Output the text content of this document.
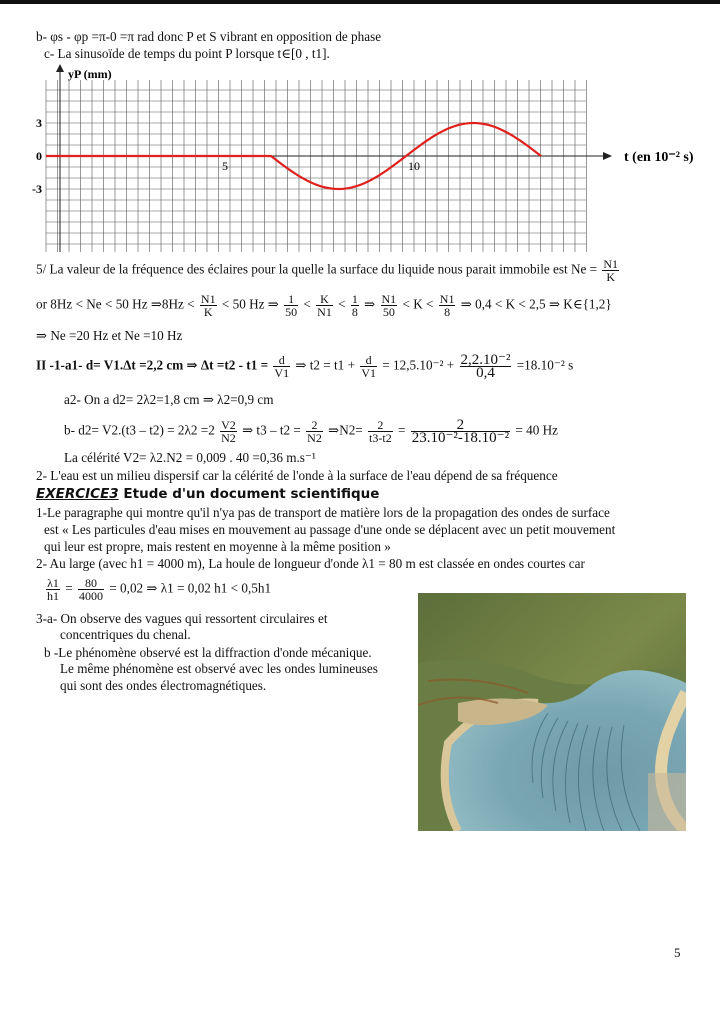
b- φs - φp =π-0 =π rad donc P et S vibrant en opposition de phase
c- La sinusoïde de temps du point P lorsque t∈[0 , t1].
yP (mm)
t (en 10⁻² s)
3
0
-3
5	10
5/ La valeur de la fréquence des éclaires pour la quelle la surface du liquide nous parait immobile est $Ne = \frac{N1}{K}$
or 8Hz < Ne < 50 Hz ⇒8Hz < $\frac{N1}{K} < 50$ Hz ⇒ $\frac{1}{50} < \frac{K}{N1} < \frac{1}{8}$ ⇒ $\frac{N1}{50} < K < \frac{N1}{8}$ ⇒ 0,4 < K < 2,5 ⇒ K∈{1,2}
⇒ Ne =20 Hz et Ne =10 Hz
II -1-a1- d= V1.Δt =2,2 cm ⇒ $\Delta t =t2 - t1 = \frac{d}{V1}$ ⇒ $t2 = t1 + \frac{d}{V1} = 12,5.10^{-2} + \frac{\text{2,2.10⁻²}}{0,4} =18.10^{-2}$ s
a2- On a d2= 2λ2=1,8 cm ⇒ λ2=0,9 cm
b- $d2= V2.(t3 - t2) = 2\lambda 2 =2 \frac{V2}{N2}$ ⇒ $t3 - t2 = \frac{2}{N2}$ ⇒N2= $\frac{2}{t3-t2} = \frac{2}{\text{23.10⁻²-18.10⁻²}} = 40$ Hz
La célérité V2= λ2.N2 = 0,009 . 40 =0,36 m.s⁻¹
2- L'eau est un milieu dispersif car la célérité de l'onde à la surface de l'eau dépend de sa fréquence
EXERCICE3 Etude d'un document scientifique
1-Le paragraphe qui montre qu'il n'ya pas de transport de matière lors de la propagation des ondes de surface
est « Les particules d'eau mises en mouvement au passage d'une onde se déplacent avec un petit mouvement
qui leur est propre, mais restent en moyenne à la même position »
2- Au large (avec h1 = 4000 m), La houle de longueur d'onde λ1 = 80 m est classée en ondes courtes car
$\frac{\lambda 1}{h1} = \frac{80}{4000} = 0,02$ ⇒ λ1 = 0,02 h1 < 0,5h1
3-a- On observe des vagues qui ressortent circulaires et
concentriques du chenal.
b -Le phénomène observé est la diffraction d'onde mécanique.
Le même phénomène est observé avec les ondes lumineuses
qui sont des ondes électromagnétiques.
5
